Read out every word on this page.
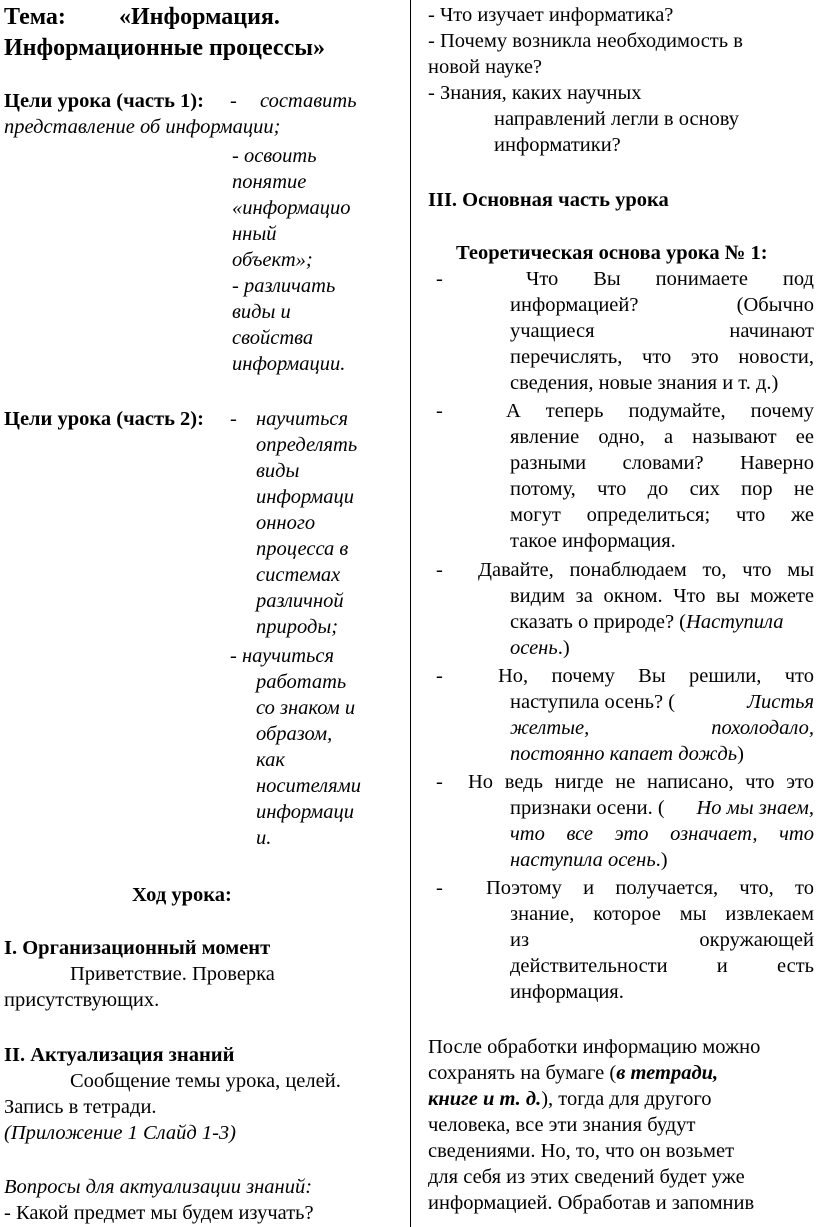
Тема: «Информация.
Информационные процессы»
Цели урока (часть 1): - составить
представление об информации;
- освоить
понятие
«информацио
нный
объект»;
- различать
виды и
свойства
информации.
Цели урока (часть 2): - научиться
определять
виды
информаци
онного
процесса в
системах
различной
природы;
- научиться
работать
со знаком и
образом,
как
носителями
информаци
и.
Ход урока:
I. Организационный момент
Приветствие. Проверка
присутствующих.
II. Актуализация знаний
Сообщение темы урока, целей.
Запись в тетради.
(Приложение 1 Слайд 1-3)
Вопросы для актуализации знаний:
- Какой предмет мы будем изучать?
- Что изучает информатика?
- Почему возникла необходимость в
новой науке?
- Знания, каких научных
направлений легли в основу
информатики?
III. Основная часть урока
Теоретическая основа урока № 1:
-	Что Вы понимаете под
информацией? (Обычно
учащиеся начинают
перечислять, что это новости,
сведения, новые знания и т. д.)
-	А теперь подумайте, почему
явление одно, а называют ее
разными словами? Наверно
потому, что до сих пор не
могут определиться; что же
такое информация.
- Давайте, понаблюдаем то, что мы
видим за окном. Что вы можете
сказать о природе? (Наступила
осень.)
-	Но, почему Вы решили, что
наступила осень? (	Листья
желтые, похолодало,
постоянно капает дождь)
- Но ведь нигде не написано, что это
признаки осени. ( Но мы знаем,
что все это означает, что
наступила осень.)
- Поэтому и получается, что, то
знание, которое мы извлекаем
из окружающей
действительности и есть
информация.
После обработки информацию можно
сохранять на бумаге (в тетради,
книге и т. д.), тогда для другого
человека, все эти знания будут
сведениями. Но, то, что он возьмет
для себя из этих сведений будет уже
информацией. Обработав и запомнив
